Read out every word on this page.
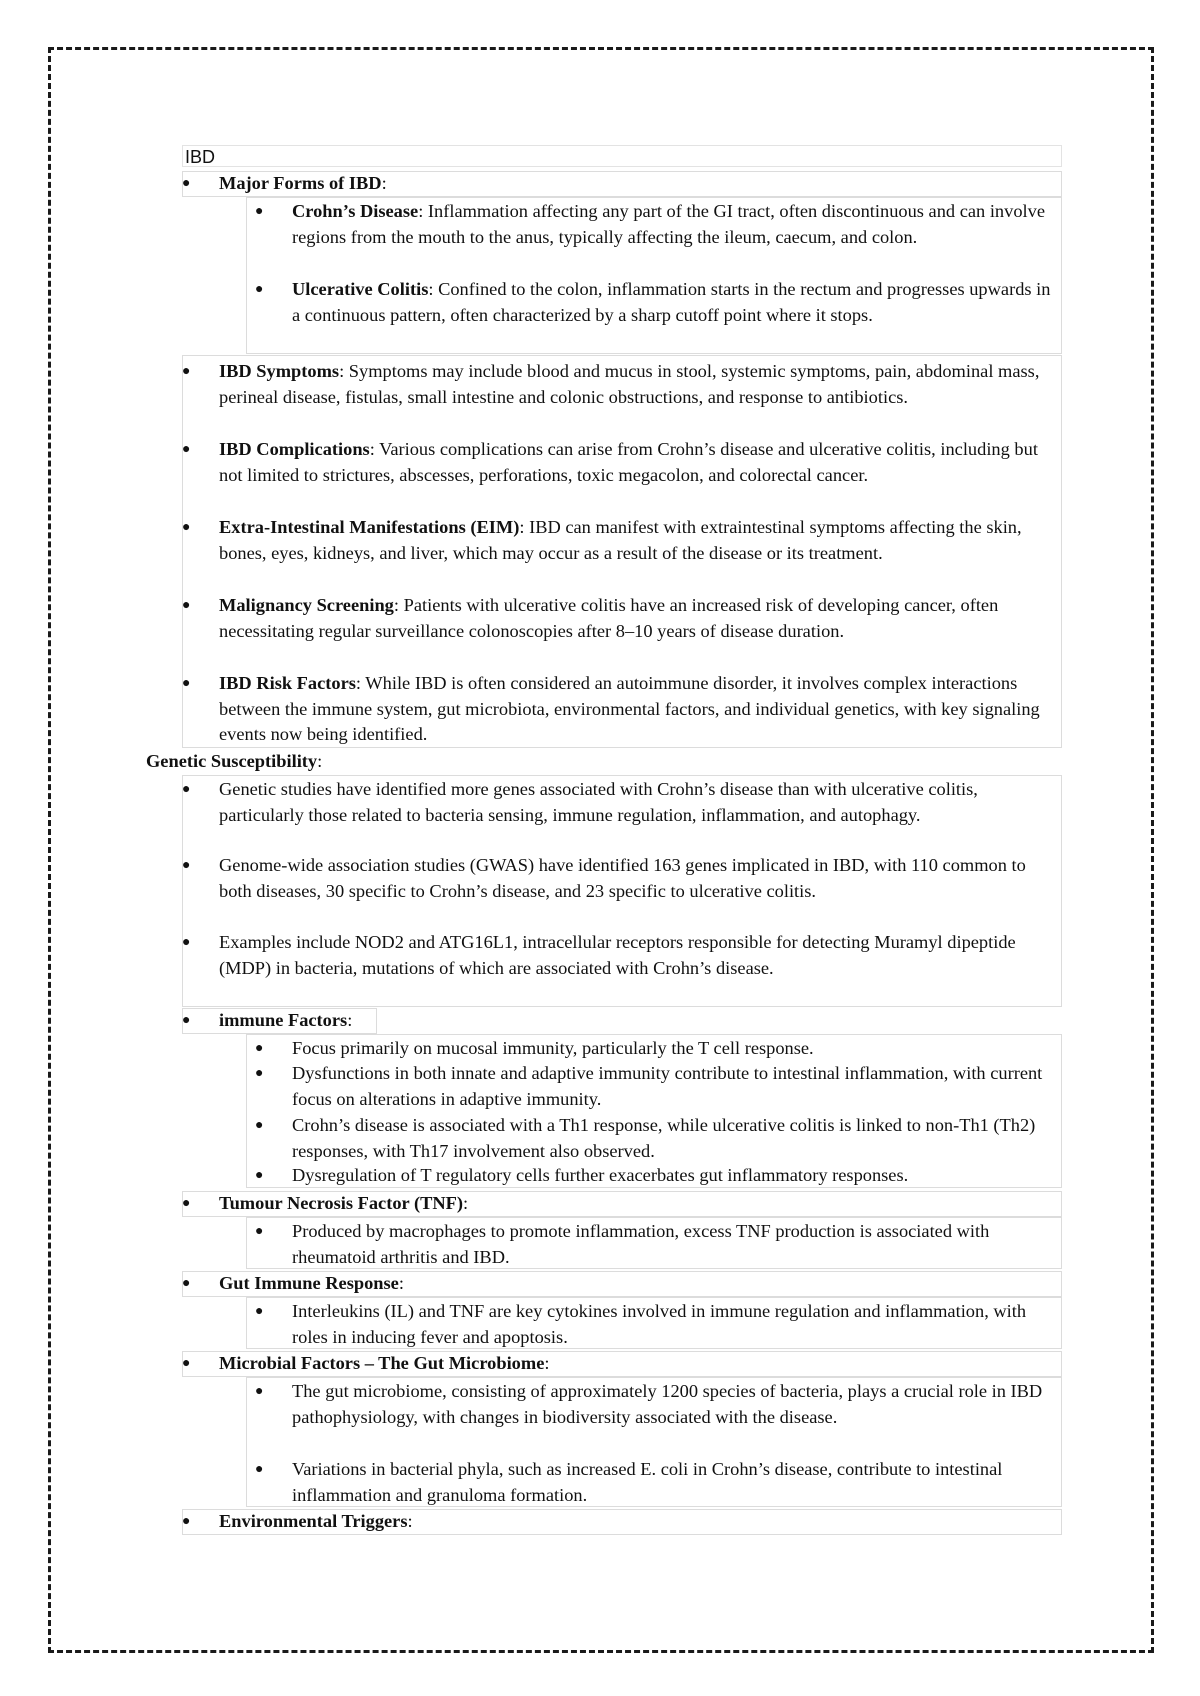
IBD
●	Major Forms of IBD:
●	Crohn’s Disease: Inflammation affecting any part of the GI tract, often discontinuous and can involve regions from the mouth to the anus, typically affecting the ileum, caecum, and colon.
●	Ulcerative Colitis: Confined to the colon, inflammation starts in the rectum and progresses upwards in a continuous pattern, often characterized by a sharp cutoff point where it stops.
●	IBD Symptoms: Symptoms may include blood and mucus in stool, systemic symptoms, pain, abdominal mass, perineal disease, fistulas, small intestine and colonic obstructions, and response to antibiotics.
●	IBD Complications: Various complications can arise from Crohn’s disease and ulcerative colitis, including but not limited to strictures, abscesses, perforations, toxic megacolon, and colorectal cancer.
●	Extra-Intestinal Manifestations (EIM): IBD can manifest with extraintestinal symptoms affecting the skin, bones, eyes, kidneys, and liver, which may occur as a result of the disease or its treatment.
●	Malignancy Screening: Patients with ulcerative colitis have an increased risk of developing cancer, often necessitating regular surveillance colonoscopies after 8–10 years of disease duration.
●	IBD Risk Factors: While IBD is often considered an autoimmune disorder, it involves complex interactions between the immune system, gut microbiota, environmental factors, and individual genetics, with key signaling events now being identified.
Genetic Susceptibility:
●	Genetic studies have identified more genes associated with Crohn’s disease than with ulcerative colitis, particularly those related to bacteria sensing, immune regulation, inflammation, and autophagy.
●	Genome-wide association studies (GWAS) have identified 163 genes implicated in IBD, with 110 common to both diseases, 30 specific to Crohn’s disease, and 23 specific to ulcerative colitis.
●	Examples include NOD2 and ATG16L1, intracellular receptors responsible for detecting Muramyl dipeptide (MDP) in bacteria, mutations of which are associated with Crohn’s disease.
●	immune Factors:
●	Focus primarily on mucosal immunity, particularly the T cell response.
●	Dysfunctions in both innate and adaptive immunity contribute to intestinal inflammation, with current focus on alterations in adaptive immunity.
●	Crohn’s disease is associated with a Th1 response, while ulcerative colitis is linked to non-Th1 (Th2) responses, with Th17 involvement also observed.
●	Dysregulation of T regulatory cells further exacerbates gut inflammatory responses.
●	Tumour Necrosis Factor (TNF):
●	Produced by macrophages to promote inflammation, excess TNF production is associated with rheumatoid arthritis and IBD.
●	Gut Immune Response:
●	Interleukins (IL) and TNF are key cytokines involved in immune regulation and inflammation, with roles in inducing fever and apoptosis.
●	Microbial Factors – The Gut Microbiome:
●	The gut microbiome, consisting of approximately 1200 species of bacteria, plays a crucial role in IBD pathophysiology, with changes in biodiversity associated with the disease.
●	Variations in bacterial phyla, such as increased E. coli in Crohn’s disease, contribute to intestinal inflammation and granuloma formation.
●	Environmental Triggers:
